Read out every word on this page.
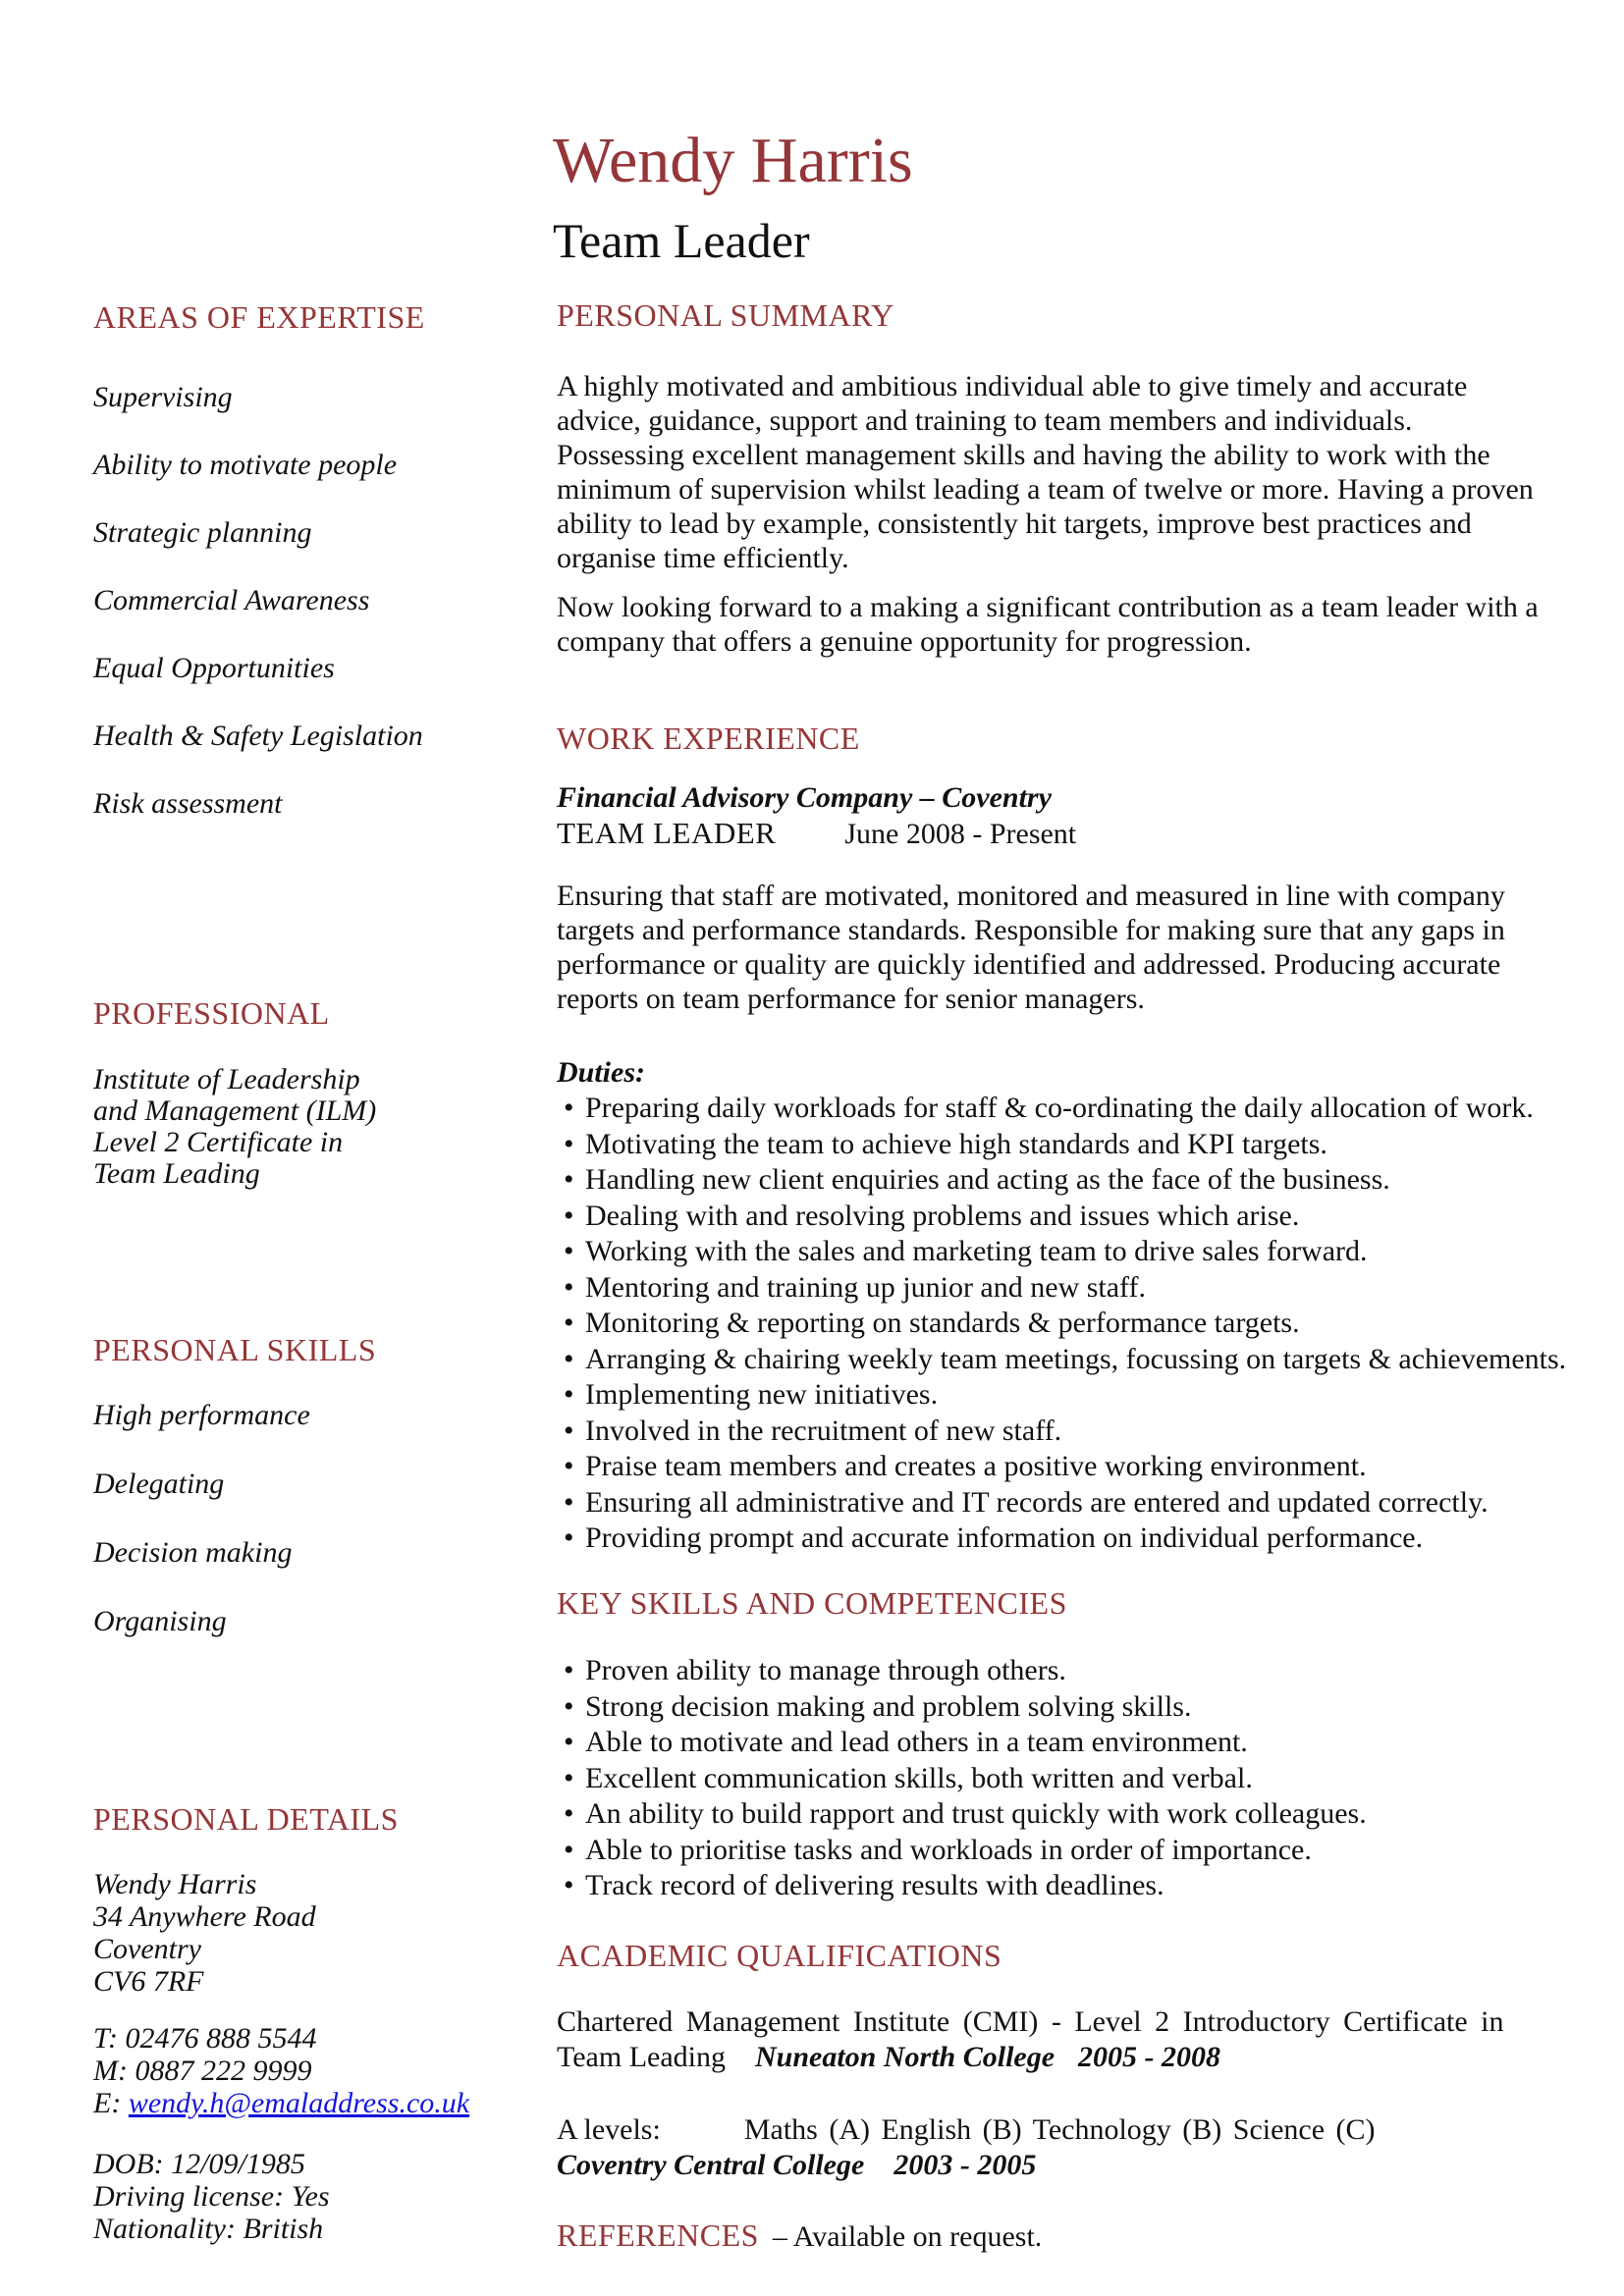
AREAS OF EXPERTISE
Supervising
Ability to motivate people
Strategic planning
Commercial Awareness
Equal Opportunities
Health & Safety Legislation
Risk assessment
PROFESSIONAL
Institute of Leadership
and Management (ILM)
Level 2 Certificate in
Team Leading
PERSONAL SKILLS
High performance
Delegating
Decision making
Organising
PERSONAL DETAILS
Wendy Harris
34 Anywhere Road
Coventry
CV6 7RF
T: 02476 888 5544
M: 0887 222 9999
E: wendy.h@emaladdress.co.uk
DOB: 12/09/1985
Driving license: Yes
Nationality: British
Wendy Harris
Team Leader
PERSONAL SUMMARY

A highly motivated and ambitious individual able to give timely and accurate advice, guidance, support and training to team members and individuals. Possessing excellent management skills and having the ability to work with the minimum of supervision whilst leading a team of twelve or more. Having a proven ability to lead by example, consistently hit targets, improve best practices and organise time efficiently.

Now looking forward to a making a significant contribution as a team leader with a company that offers a genuine opportunity for progression.

WORK EXPERIENCE
Financial Advisory Company – Coventry
TEAM LEADER June 2008 - Present

Ensuring that staff are motivated, monitored and measured in line with company targets and performance standards. Responsible for making sure that any gaps in performance or quality are quickly identified and addressed. Producing accurate reports on team performance for senior managers.

Duties:
• Preparing daily workloads for staff & co-ordinating the daily allocation of work.
• Motivating the team to achieve high standards and KPI targets.
• Handling new client enquiries and acting as the face of the business.
• Dealing with and resolving problems and issues which arise.
• Working with the sales and marketing team to drive sales forward.
• Mentoring and training up junior and new staff.
• Monitoring & reporting on standards & performance targets.
• Arranging & chairing weekly team meetings, focussing on targets & achievements.
• Implementing new initiatives.
• Involved in the recruitment of new staff.
• Praise team members and creates a positive working environment.
• Ensuring all administrative and IT records are entered and updated correctly.
• Providing prompt and accurate information on individual performance.
KEY SKILLS AND COMPETENCIES
• Proven ability to manage through others.
• Strong decision making and problem solving skills.
• Able to motivate and lead others in a team environment.
• Excellent communication skills, both written and verbal.
• An ability to build rapport and trust quickly with work colleagues.
• Able to prioritise tasks and workloads in order of importance.
• Track record of delivering results with deadlines.
ACADEMIC QUALIFICATIONS
Chartered Management Institute (CMI) - Level 2 Introductory Certificate in
Team Leading Nuneaton North College 2005 - 2008
A levels:	Maths (A) English (B) Technology (B) Science (C)
Coventry Central College 2003 - 2005
REFERENCES – Available on request.
